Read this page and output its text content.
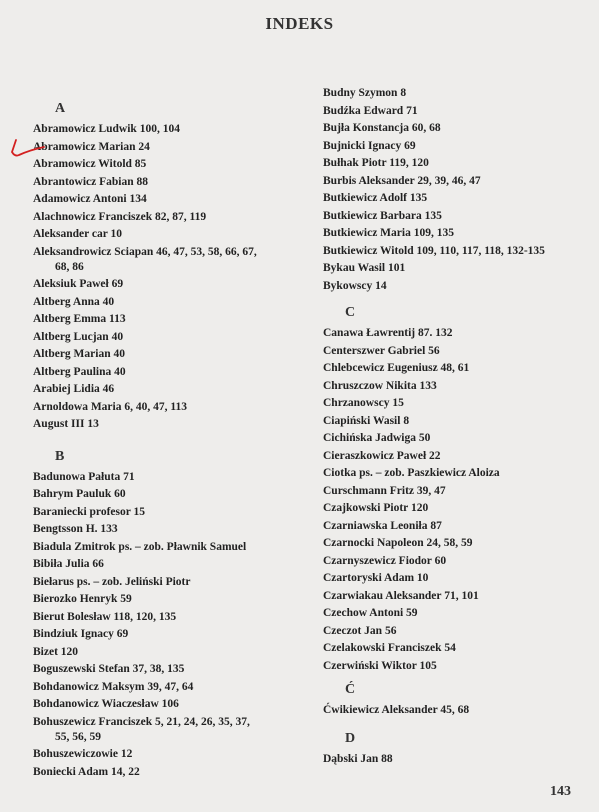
INDEKS
A
Abramowicz Ludwik 100, 104
Abramowicz Marian 24
Abramowicz Witold 85
Abrantowicz Fabian 88
Adamowicz Antoni 134
Alachnowicz Franciszek 82, 87, 119
Aleksander car 10
Aleksandrowicz Sciapan 46, 47, 53, 58, 66, 67,
68, 86
Aleksiuk Paweł 69
Altberg Anna 40
Altberg Emma 113
Altberg Lucjan 40
Altberg Marian 40
Altberg Paulina 40
Arabiej Lidia 46
Arnoldowa Maria 6, 40, 47, 113
August III 13
B
Badunowa Pałuta 71
Bahrym Pauluk 60
Baraniecki profesor 15
Bengtsson H. 133
Biadula Zmitrok ps. – zob. Pławnik Samuel
Bibiła Julia 66
Biełarus ps. – zob. Jeliński Piotr
Bierozko Henryk 59
Bierut Bolesław 118, 120, 135
Bindziuk Ignacy 69
Bizet 120
Boguszewski Stefan 37, 38, 135
Bohdanowicz Maksym 39, 47, 64
Bohdanowicz Wiaczesław 106
Bohuszewicz Franciszek 5, 21, 24, 26, 35, 37,
55, 56, 59
Bohuszewiczowie 12
Boniecki Adam 14, 22
Budny Szymon 8
Budźka Edward 71
Bujła Konstancja 60, 68
Bujnicki Ignacy 69
Bułhak Piotr 119, 120
Burbis Aleksander 29, 39, 46, 47
Butkiewicz Adolf 135
Butkiewicz Barbara 135
Butkiewicz Maria 109, 135
Butkiewicz Witold 109, 110, 117, 118, 132-135
Bykau Wasil 101
Bykowscy 14
C
Canawa Ławrentij 87. 132
Centerszwer Gabriel 56
Chlebcewicz Eugeniusz 48, 61
Chruszczow Nikita 133
Chrzanowscy 15
Ciapiński Wasil 8
Cichińska Jadwiga 50
Cieraszkowicz Paweł 22
Ciotka ps. – zob. Paszkiewicz Aloiza
Curschmann Fritz 39, 47
Czajkowski Piotr 120
Czarniawska Leoniła 87
Czarnocki Napoleon 24, 58, 59
Czarnyszewicz Fiodor 60
Czartoryski Adam 10
Czarwiakau Aleksander 71, 101
Czechow Antoni 59
Czeczot Jan 56
Czelakowski Franciszek 54
Czerwiński Wiktor 105
Ć
Ćwikiewicz Aleksander 45, 68
D
Dąbski Jan 88
143
